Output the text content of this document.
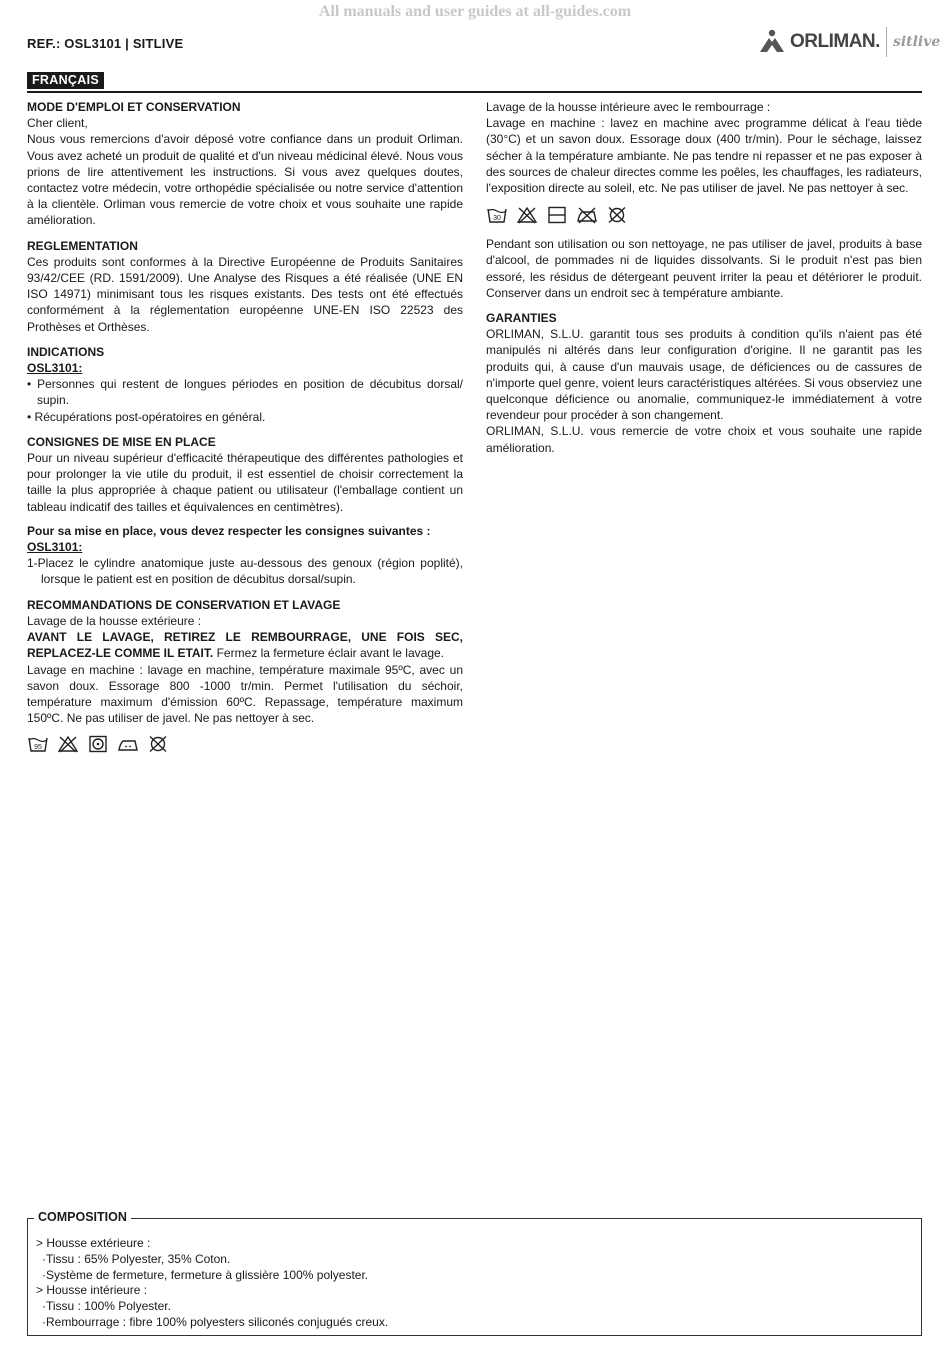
All manuals and user guides at all-guides.com
REF.: OSL3101 | SITLIVE	ORLIMAN. sitlive
FRANÇAIS

MODE D'EMPLOI ET CONSERVATION

Cher client,

Nous vous remercions d'avoir déposé votre confiance dans un produit Orliman. Vous avez acheté un produit de qualité et d'un niveau médicinal élevé. Nous vous prions de lire attentivement les instructions. Si vous avez quelques doutes, contactez votre médecin, votre orthopédie spécialisée ou notre service d'attention à la clientèle. Orliman vous remercie de votre choix et vous souhaite une rapide amélioration.

REGLEMENTATION

Ces produits sont conformes à la Directive Européenne de Produits Sanitaires 93/42/CEE (RD. 1591/2009). Une Analyse des Risques a été réalisée (UNE EN ISO 14971) minimisant tous les risques existants. Des tests ont été effectués conformément à la réglementation européenne UNE-EN ISO 22523 des Prothèses et Orthèses.

INDICATIONS

OSL3101:

• Personnes qui restent de longues périodes en position de décubitus dorsal/ supin.

• Récupérations post-opératoires en général.

CONSIGNES DE MISE EN PLACE

Pour un niveau supérieur d'efficacité thérapeutique des différentes pathologies et pour prolonger la vie utile du produit, il est essentiel de choisir correctement la taille la plus appropriée à chaque patient ou utilisateur (l'emballage contient un tableau indicatif des tailles et équivalences en centimètres).

Pour sa mise en place, vous devez respecter les consignes suivantes :

OSL3101:

1-Placez le cylindre anatomique juste au-dessous des genoux (région poplité), lorsque le patient est en position de décubitus dorsal/supin.

RECOMMANDATIONS DE CONSERVATION ET LAVAGE

Lavage de la housse extérieure :

AVANT LE LAVAGE, RETIREZ LE REMBOURRAGE, UNE FOIS SEC, REPLACEZ-LE COMME IL ETAIT. Fermez la fermeture éclair avant le lavage.

Lavage en machine : lavage en machine, température maximale 95ºC, avec un savon doux. Essorage 800 -1000 tr/min. Permet l'utilisation du séchoir, température maximum d'émission 60ºC. Repassage, température maximum 150ºC. Ne pas utiliser de javel. Ne pas nettoyer à sec.

95

Lavage de la housse intérieure avec le rembourrage :

Lavage en machine : lavez en machine avec programme délicat à l'eau tiède (30°C) et un savon doux. Essorage doux (400 tr/min). Pour le séchage, laissez sécher à la température ambiante. Ne pas tendre ni repasser et ne pas exposer à des sources de chaleur directes comme les poêles, les chauffages, les radiateurs, l'exposition directe au soleil, etc. Ne pas utiliser de javel. Ne pas nettoyer à sec.

30

Pendant son utilisation ou son nettoyage, ne pas utiliser de javel, produits à base d'alcool, de pommades ni de liquides dissolvants. Si le produit n'est pas bien essoré, les résidus de détergeant peuvent irriter la peau et détériorer le produit. Conserver dans un endroit sec à température ambiante.

GARANTIES

ORLIMAN, S.L.U. garantit tous ses produits à condition qu'ils n'aient pas été manipulés ni altérés dans leur configuration d'origine. Il ne garantit pas les produits qui, à cause d'un mauvais usage, de déficiences ou de cassures de n'importe quel genre, voient leurs caractéristiques altérées. Si vous observiez une quelconque déficience ou anomalie, communiquez-le immédiatement à votre revendeur pour procéder à son changement.

ORLIMAN, S.L.U. vous remercie de votre choix et vous souhaite une rapide amélioration.

COMPOSITION

> Housse extérieure :

·Tissu : 65% Polyester, 35% Coton.

·Système de fermeture, fermeture à glissière 100% polyester.

> Housse intérieure :

·Tissu : 100% Polyester.

·Rembourrage : fibre 100% polyesters siliconés conjugués creux.
